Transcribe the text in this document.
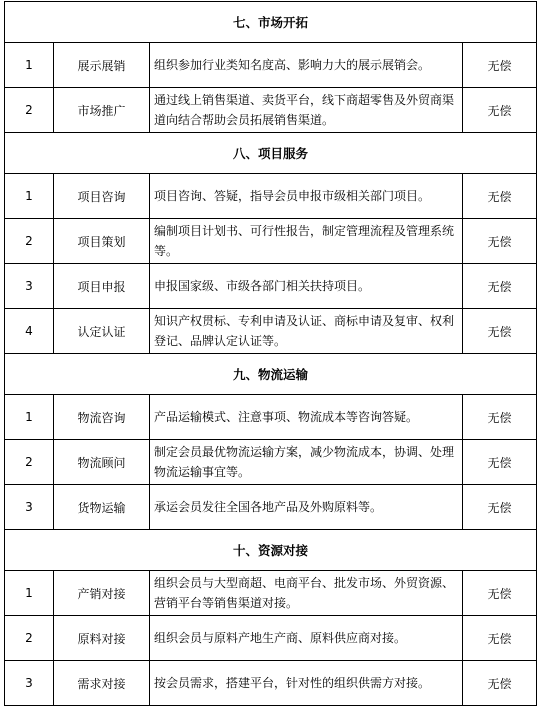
七、市场开拓			
1	展示展销	组织参加行业类知名度高、影响力大的展示展销会。	无偿
2	市场推广	通过线上销售渠道、卖货平台，线下商超零售及外贸商渠道向结合帮助会员拓展销售渠道。	无偿
八、项目服务			
1	项目咨询	项目咨询、答疑，指导会员申报市级相关部门项目。	无偿
2	项目策划	编制项目计划书、可行性报告，制定管理流程及管理系统等。	无偿
3	项目申报	申报国家级、市级各部门相关扶持项目。	无偿
4	认定认证	知识产权贯标、专利申请及认证、商标申请及复审、权利登记、品牌认定认证等。	无偿
九、物流运输			
1	物流咨询	产品运输模式、注意事项、物流成本等咨询答疑。	无偿
2	物流顾问	制定会员最优物流运输方案，减少物流成本，协调、处理物流运输事宜等。	无偿
3	货物运输	承运会员发往全国各地产品及外购原料等。	无偿
十、资源对接			
1	产销对接	组织会员与大型商超、电商平台、批发市场、外贸资源、营销平台等销售渠道对接。	无偿
2	原料对接	组织会员与原料产地生产商、原料供应商对接。	无偿
3	需求对接	按会员需求，搭建平台，针对性的组织供需方对接。	无偿
